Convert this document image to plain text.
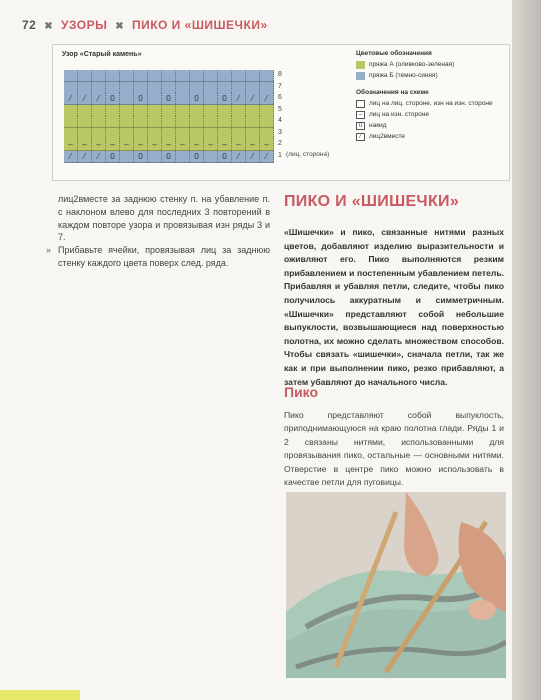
72 ✖ УЗОРЫ ✖ ПИКО И «ШИШЕЧКИ»
Узор «Старый камень»
8
7
⁄	⁄	⁄	0	0	0	0	0	⁄	⁄	⁄	6
5
4
3
–	–	–	–	–	–	–	–	–	–	–	–	–	–	–	2
⁄	⁄	⁄	0	0	0	0	0	⁄	⁄	⁄	1 (лиц. сторона)
Цветовые обозначения
пряжа А (оливково-зеленая)
пряжа Б (темно-синяя)
Обозначения на схеме
лиц на лиц. стороне, изн на изн. стороне
–	лиц на изн. стороне
0	накид
⁄	лиц2вместе

лиц2вместе за заднюю стенку п. на убавление п. с наклоном влево для последних 3 повторений в каждом повторе узора и провязывая изн ряды 3 и 7.

» Прибавьте ячейки, провязывая лиц за заднюю стенку каждого цвета поверх след. ряда.

ПИКО И «ШИШЕЧКИ»

«Шишечки» и пико, связанные нитями разных цветов, добавляют изделию выразительности и оживляют его. Пико выполняются резким прибавлением и постепенным убавлением петель. Прибавляя и убавляя петли, следите, чтобы пико получилось аккуратным и симметричным. «Шишечки» представляют собой небольшие выпуклости, возвышающиеся над поверхностью полотна, их можно сделать множеством способов. Чтобы связать «шишечки», сначала петли, так же как и при выполнении пико, резко прибавляют, а затем убавляют до начального числа.

Пико

Пико представляют собой выпуклость, приподнимающуюся на краю полотна глади. Ряды 1 и 2 связаны нитями, использованными для провязывания пико, остальные — основными нитями. Отверстие в центре пико можно использовать в качестве петли для пуговицы.
